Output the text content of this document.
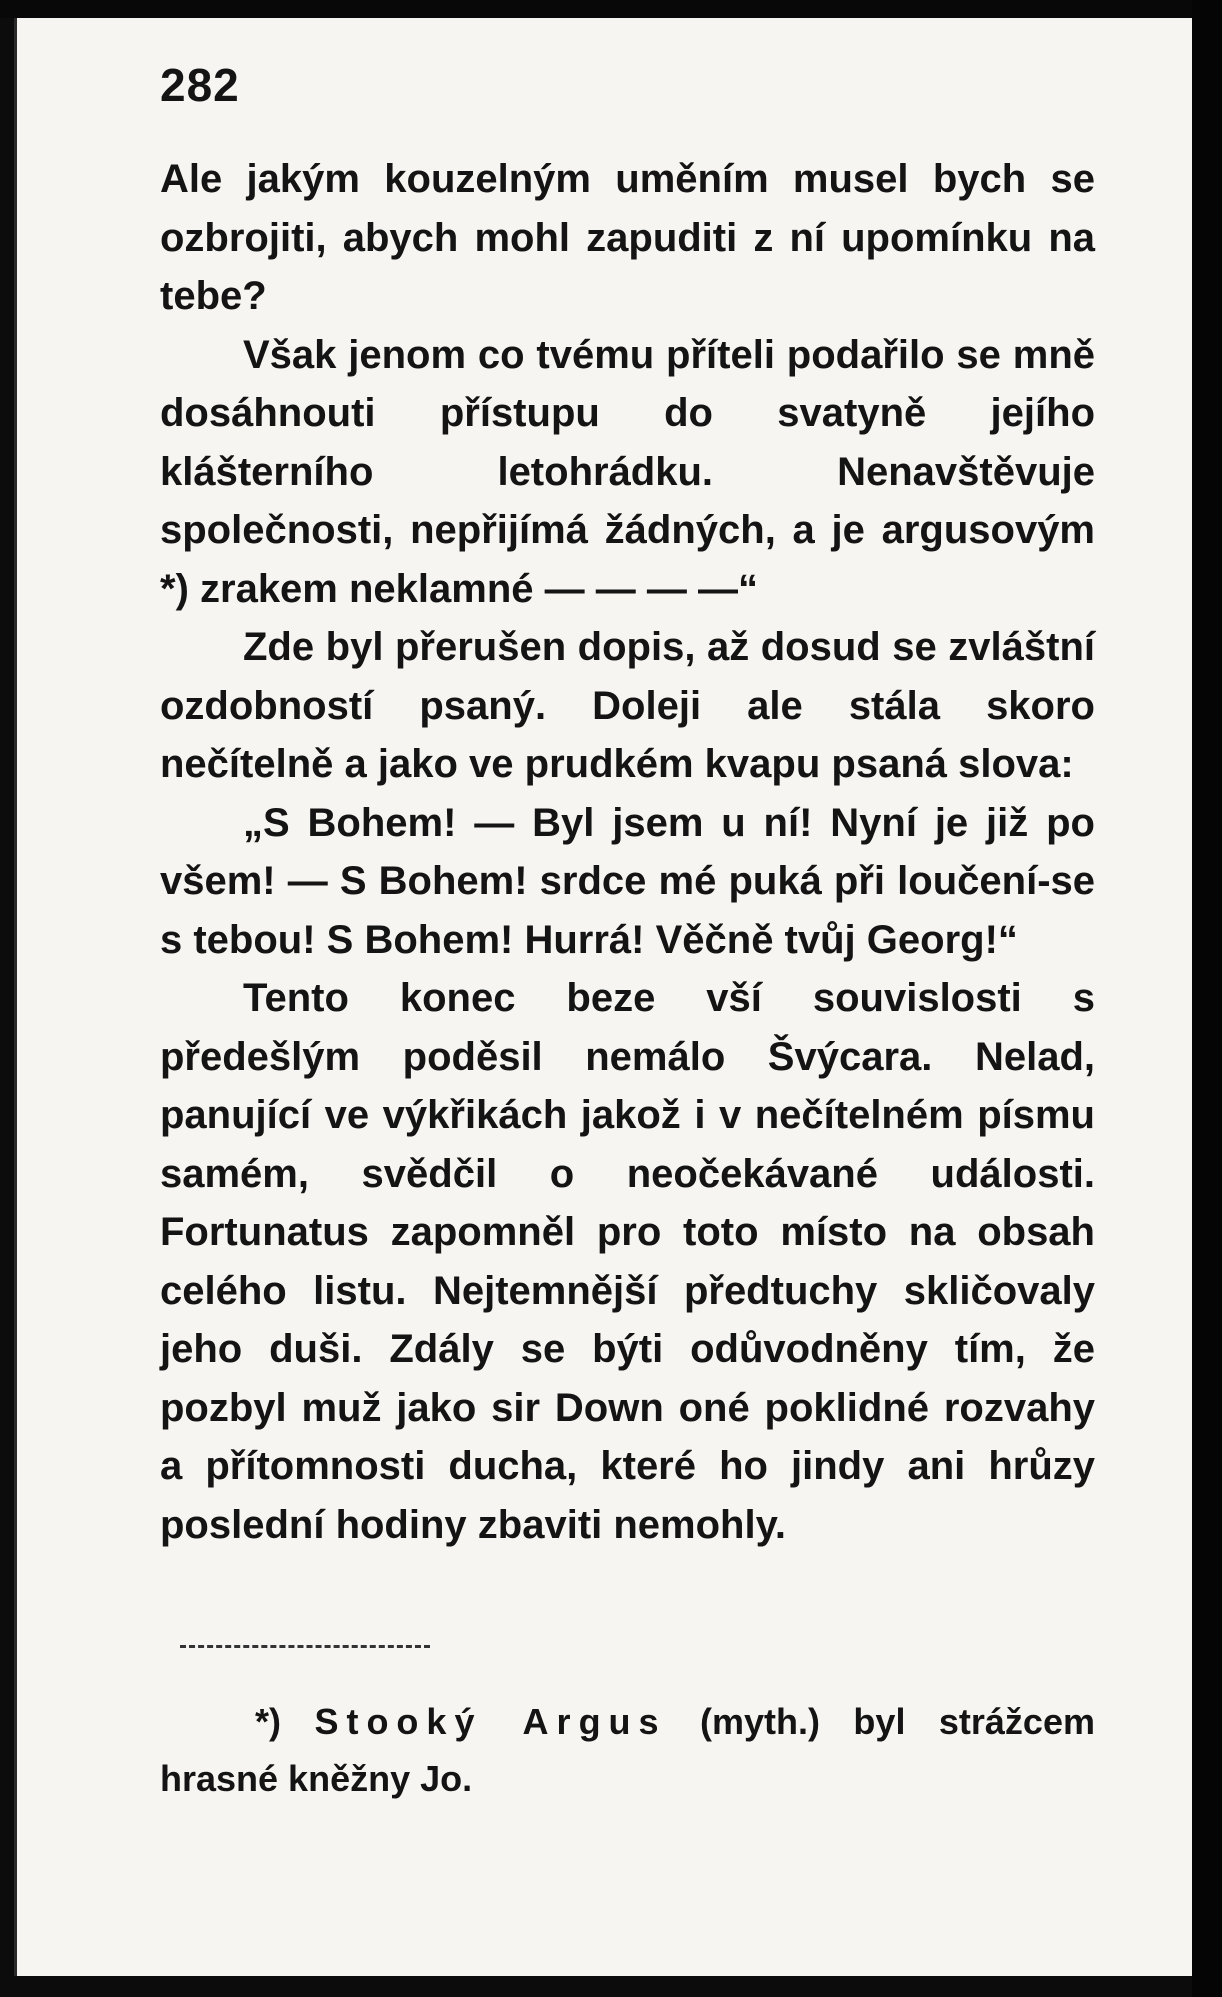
282

Ale jakým kouzelným uměním musel bych se ozbrojiti, abych mohl zapuditi z ní upomínku na tebe?

Však jenom co tvému příteli podařilo se mně dosáhnouti přístupu do svatyně jejího klášterního letohrádku. Nenavštěvuje společnosti, nepřijímá žádných, a je argusovým *) zrakem neklamné — — — —“

Zde byl přerušen dopis, až dosud se zvláštní ozdobností psaný. Doleji ale stála skoro nečítelně a jako ve prudkém kvapu psaná slova:

„S Bohem! — Byl jsem u ní! Nyní je již po všem! — S Bohem! srdce mé puká při loučení-se s tebou! S Bohem! Hurrá! Věčně tvůj Georg!“

Tento konec beze vší souvislosti s předešlým poděsil nemálo Švýcara. Nelad, panující ve výkřikách jakož i v nečítelném písmu samém, svědčil o neočekávané události. Fortunatus zapomněl pro toto místo na obsah celého listu. Nejtemnější předtuchy skličovaly jeho duši. Zdály se býti odůvodněny tím, že pozbyl muž jako sir Down oné poklidné rozvahy a přítomnosti ducha, které ho jindy ani hrůzy poslední hodiny zbaviti nemohly.

*) Stooký Argus (myth.) byl strážcem hrasné kněžny Jo.
